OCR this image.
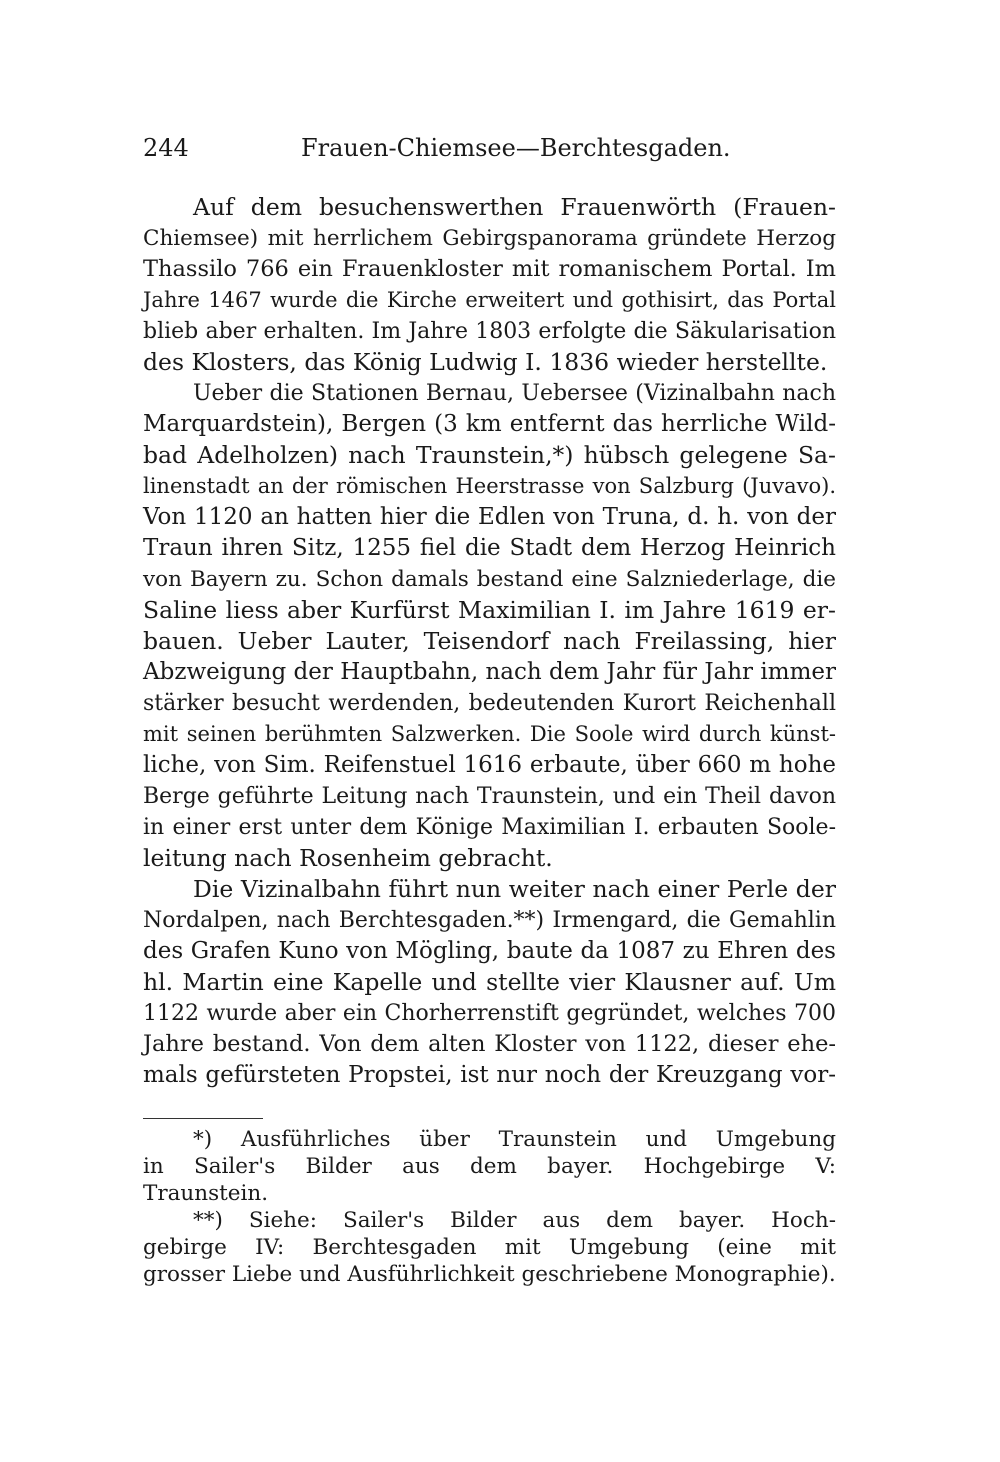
244	Frauen-Chiemsee—Berchtesgaden.
Auf dem besuchenswerthen Frauenwörth (Frauen-
Chiemsee) mit herrlichem Gebirgspanorama gründete Herzog
Thassilo 766 ein Frauenkloster mit romanischem Portal. Im
Jahre 1467 wurde die Kirche erweitert und gothisirt, das Portal
blieb aber erhalten. Im Jahre 1803 erfolgte die Säkularisation
des Klosters, das König Ludwig I. 1836 wieder herstellte.
Ueber die Stationen Bernau, Uebersee (Vizinalbahn nach
Marquardstein), Bergen (3 km entfernt das herrliche Wild-
bad Adelholzen) nach Traunstein,*) hübsch gelegene Sa-
linenstadt an der römischen Heerstrasse von Salzburg (Juvavo).
Von 1120 an hatten hier die Edlen von Truna, d. h. von der
Traun ihren Sitz, 1255 fiel die Stadt dem Herzog Heinrich
von Bayern zu. Schon damals bestand eine Salzniederlage, die
Saline liess aber Kurfürst Maximilian I. im Jahre 1619 er-
bauen. Ueber Lauter, Teisendorf nach Freilassing, hier
Abzweigung der Hauptbahn, nach dem Jahr für Jahr immer
stärker besucht werdenden, bedeutenden Kurort Reichenhall
mit seinen berühmten Salzwerken. Die Soole wird durch künst-
liche, von Sim. Reifenstuel 1616 erbaute, über 660 m hohe
Berge geführte Leitung nach Traunstein, und ein Theil davon
in einer erst unter dem Könige Maximilian I. erbauten Soole-
leitung nach Rosenheim gebracht.
Die Vizinalbahn führt nun weiter nach einer Perle der
Nordalpen, nach Berchtesgaden.**) Irmengard, die Gemahlin
des Grafen Kuno von Mögling, baute da 1087 zu Ehren des
hl. Martin eine Kapelle und stellte vier Klausner auf. Um
1122 wurde aber ein Chorherrenstift gegründet, welches 700
Jahre bestand. Von dem alten Kloster von 1122, dieser ehe-
mals gefürsteten Propstei, ist nur noch der Kreuzgang vor-
*) Ausführliches über Traunstein und Umgebung
in Sailer's Bilder aus dem bayer. Hochgebirge V:
Traunstein.
**) Siehe: Sailer's Bilder aus dem bayer. Hoch-
gebirge IV: Berchtesgaden mit Umgebung (eine mit
grosser Liebe und Ausführlichkeit geschriebene Monographie).
